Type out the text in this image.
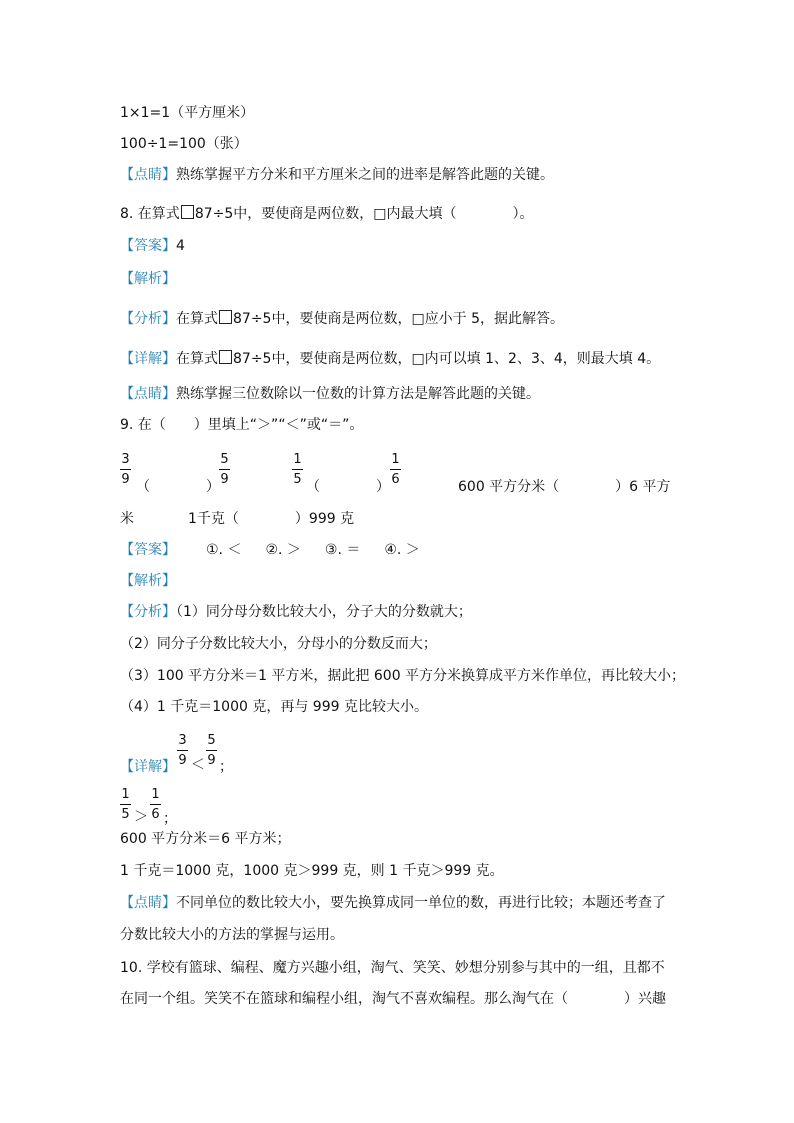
1×1=1（平方厘米）
100÷1=100（张）
【点睛】熟练掌握平方分米和平方厘米之间的进率是解答此题的关键。
8. 在算式 87÷5中，要使商是两位数，□内最大填（　　　　）。
【答案】4
【解析】
【分析】在算式 87÷5中，要使商是两位数，□应小于 5，据此解答。
【详解】在算式 87÷5中，要使商是两位数，□内可以填 1、2、3、4，则最大填 4。
【点睛】熟练掌握三位数除以一位数的计算方法是解答此题的关键。
9. 在（　　）里填上“＞”“＜”或“＝”。
3
9 （　　　　）
5
9
1
5 （　　　　）
1
6	600 平方分米（　　　　）6 平方
米	1千克（　　　　）999 克
【答案】 ①. ＜ ②. ＞ ③. ＝ ④. ＞
【解析】
【分析】（1）同分母分数比较大小，分子大的分数就大；
（2）同分子分数比较大小，分母小的分数反而大；
（3）100 平方分米＝1 平方米，据此把 600 平方分米换算成平方米作单位，再比较大小；
（4）1 千克＝1000 克，再与 999 克比较大小。
【详解】
3
9 ＜
5
9 ；
1
5 ＞
1
6 ；
600 平方分米＝6 平方米；
1 千克＝1000 克，1000 克＞999 克，则 1 千克＞999 克。
【点睛】不同单位的数比较大小，要先换算成同一单位的数，再进行比较；本题还考查了
分数比较大小的方法的掌握与运用。
10. 学校有篮球、编程、魔方兴趣小组，淘气、笑笑、妙想分别参与其中的一组，且都不
在同一个组。笑笑不在篮球和编程小组，淘气不喜欢编程。那么淘气在（　　　　）兴趣
